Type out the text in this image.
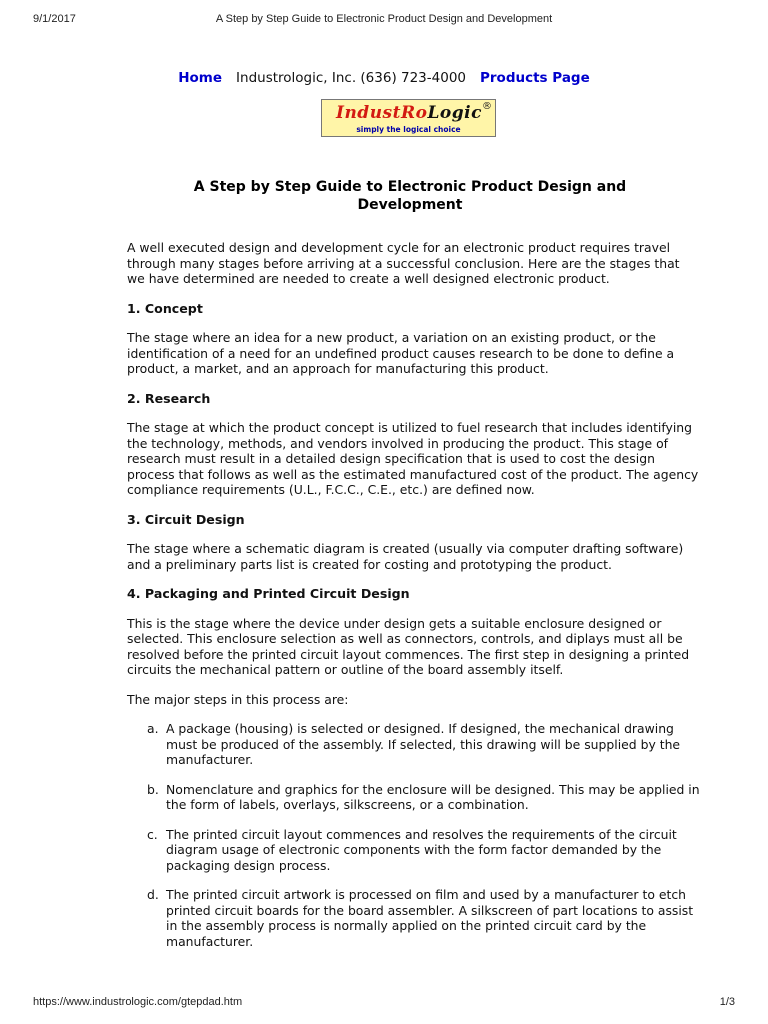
9/1/2017	A Step by Step Guide to Electronic Product Design and Development
Home Industrologic, Inc. (636) 723-4000 Products Page
IndustRoLogic ®
simply the logical choice
A Step by Step Guide to Electronic Product Design and Development

A well executed design and development cycle for an electronic product requires travel through many stages before arriving at a successful conclusion. Here are the stages that we have determined are needed to create a well designed electronic product.

1. Concept

The stage where an idea for a new product, a variation on an existing product, or the identification of a need for an undefined product causes research to be done to define a product, a market, and an approach for manufacturing this product.

2. Research

The stage at which the product concept is utilized to fuel research that includes identifying the technology, methods, and vendors involved in producing the product. This stage of research must result in a detailed design specification that is used to cost the design process that follows as well as the estimated manufactured cost of the product. The agency compliance requirements (U.L., F.C.C., C.E., etc.) are defined now.

3. Circuit Design

The stage where a schematic diagram is created (usually via computer drafting software) and a preliminary parts list is created for costing and prototyping the product.

4. Packaging and Printed Circuit Design

This is the stage where the device under design gets a suitable enclosure designed or selected. This enclosure selection as well as connectors, controls, and diplays must all be resolved before the printed circuit layout commences. The first step in designing a printed circuits the mechanical pattern or outline of the board assembly itself.

The major steps in this process are:

a. A package (housing) is selected or designed. If designed, the mechanical drawing must be produced of the assembly. If selected, this drawing will be supplied by the manufacturer.
b. Nomenclature and graphics for the enclosure will be designed. This may be applied in the form of labels, overlays, silkscreens, or a combination.
c. The printed circuit layout commences and resolves the requirements of the circuit diagram usage of electronic components with the form factor demanded by the packaging design process.
d. The printed circuit artwork is processed on film and used by a manufacturer to etch printed circuit boards for the board assembler. A silkscreen of part locations to assist in the assembly process is normally applied on the printed circuit card by the manufacturer.
https://www.industrologic.com/gtepdad.htm	1/3
